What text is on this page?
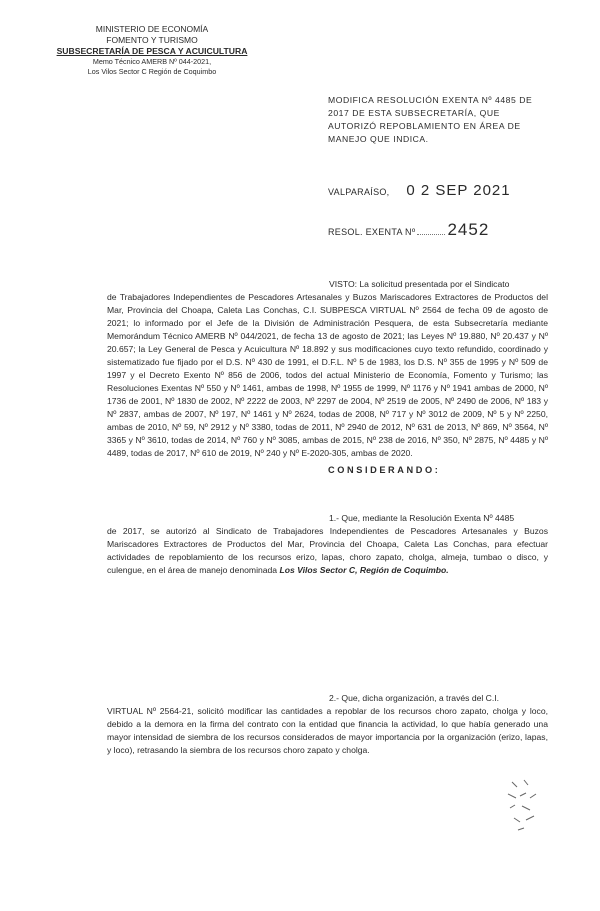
MINISTERIO DE ECONOMÍA
FOMENTO Y TURISMO
SUBSECRETARÍA DE PESCA Y ACUICULTURA
Memo Técnico AMERB Nº 044-2021,
Los Vilos Sector C Región de Coquimbo
MODIFICA RESOLUCIÓN EXENTA Nº 4485 DE 2017 DE ESTA SUBSECRETARÍA, QUE AUTORIZÓ REPOBLAMIENTO EN ÁREA DE MANEJO QUE INDICA.
VALPARAÍSO, 0 2 SEP 2021
RESOL. EXENTA Nº 2452
VISTO: La solicitud presentada por el Sindicato
de Trabajadores Independientes de Pescadores Artesanales y Buzos Mariscadores Extractores de Productos del Mar, Provincia del Choapa, Caleta Las Conchas, C.I. SUBPESCA VIRTUAL Nº 2564 de fecha 09 de agosto de 2021; lo informado por el Jefe de la División de Administración Pesquera, de esta Subsecretaría mediante Memorándum Técnico AMERB Nº 044/2021, de fecha 13 de agosto de 2021; las Leyes Nº 19.880, Nº 20.437 y Nº 20.657; la Ley General de Pesca y Acuicultura Nº 18.892 y sus modificaciones cuyo texto refundido, coordinado y sistematizado fue fijado por el D.S. Nº 430 de 1991, el D.F.L. Nº 5 de 1983, los D.S. Nº 355 de 1995 y Nº 509 de 1997 y el Decreto Exento Nº 856 de 2006, todos del actual Ministerio de Economía, Fomento y Turismo; las Resoluciones Exentas Nº 550 y Nº 1461, ambas de 1998, Nº 1955 de 1999, Nº 1176 y Nº 1941 ambas de 2000, Nº 1736 de 2001, Nº 1830 de 2002, Nº 2222 de 2003, Nº 2297 de 2004, Nº 2519 de 2005, Nº 2490 de 2006, Nº 183 y Nº 2837, ambas de 2007, Nº 197, Nº 1461 y Nº 2624, todas de 2008, Nº 717 y Nº 3012 de 2009, Nº 5 y Nº 2250, ambas de 2010, Nº 59, Nº 2912 y Nº 3380, todas de 2011, Nº 2940 de 2012, Nº 631 de 2013, Nº 869, Nº 3564, Nº 3365 y Nº 3610, todas de 2014, Nº 760 y Nº 3085, ambas de 2015, Nº 238 de 2016, Nº 350, Nº 2875, Nº 4485 y Nº 4489, todas de 2017, Nº 610 de 2019, Nº 240 y Nº E-2020-305, ambas de 2020.
CONSIDERANDO:
1.- Que, mediante la Resolución Exenta Nº 4485
de 2017, se autorizó al Sindicato de Trabajadores Independientes de Pescadores Artesanales y Buzos Mariscadores Extractores de Productos del Mar, Provincia del Choapa, Caleta Las Conchas, para efectuar actividades de repoblamiento de los recursos erizo, lapas, choro zapato, cholga, almeja, tumbao o disco, y culengue, en el área de manejo denominada Los Vilos Sector C, Región de Coquimbo.
2.- Que, dicha organización, a través del C.I.
VIRTUAL Nº 2564-21, solicitó modificar las cantidades a repoblar de los recursos choro zapato, cholga y loco, debido a la demora en la firma del contrato con la entidad que financia la actividad, lo que había generado una mayor intensidad de siembra de los recursos considerados de mayor importancia por la organización (erizo, lapas, y loco), retrasando la siembra de los recursos choro zapato y cholga.
